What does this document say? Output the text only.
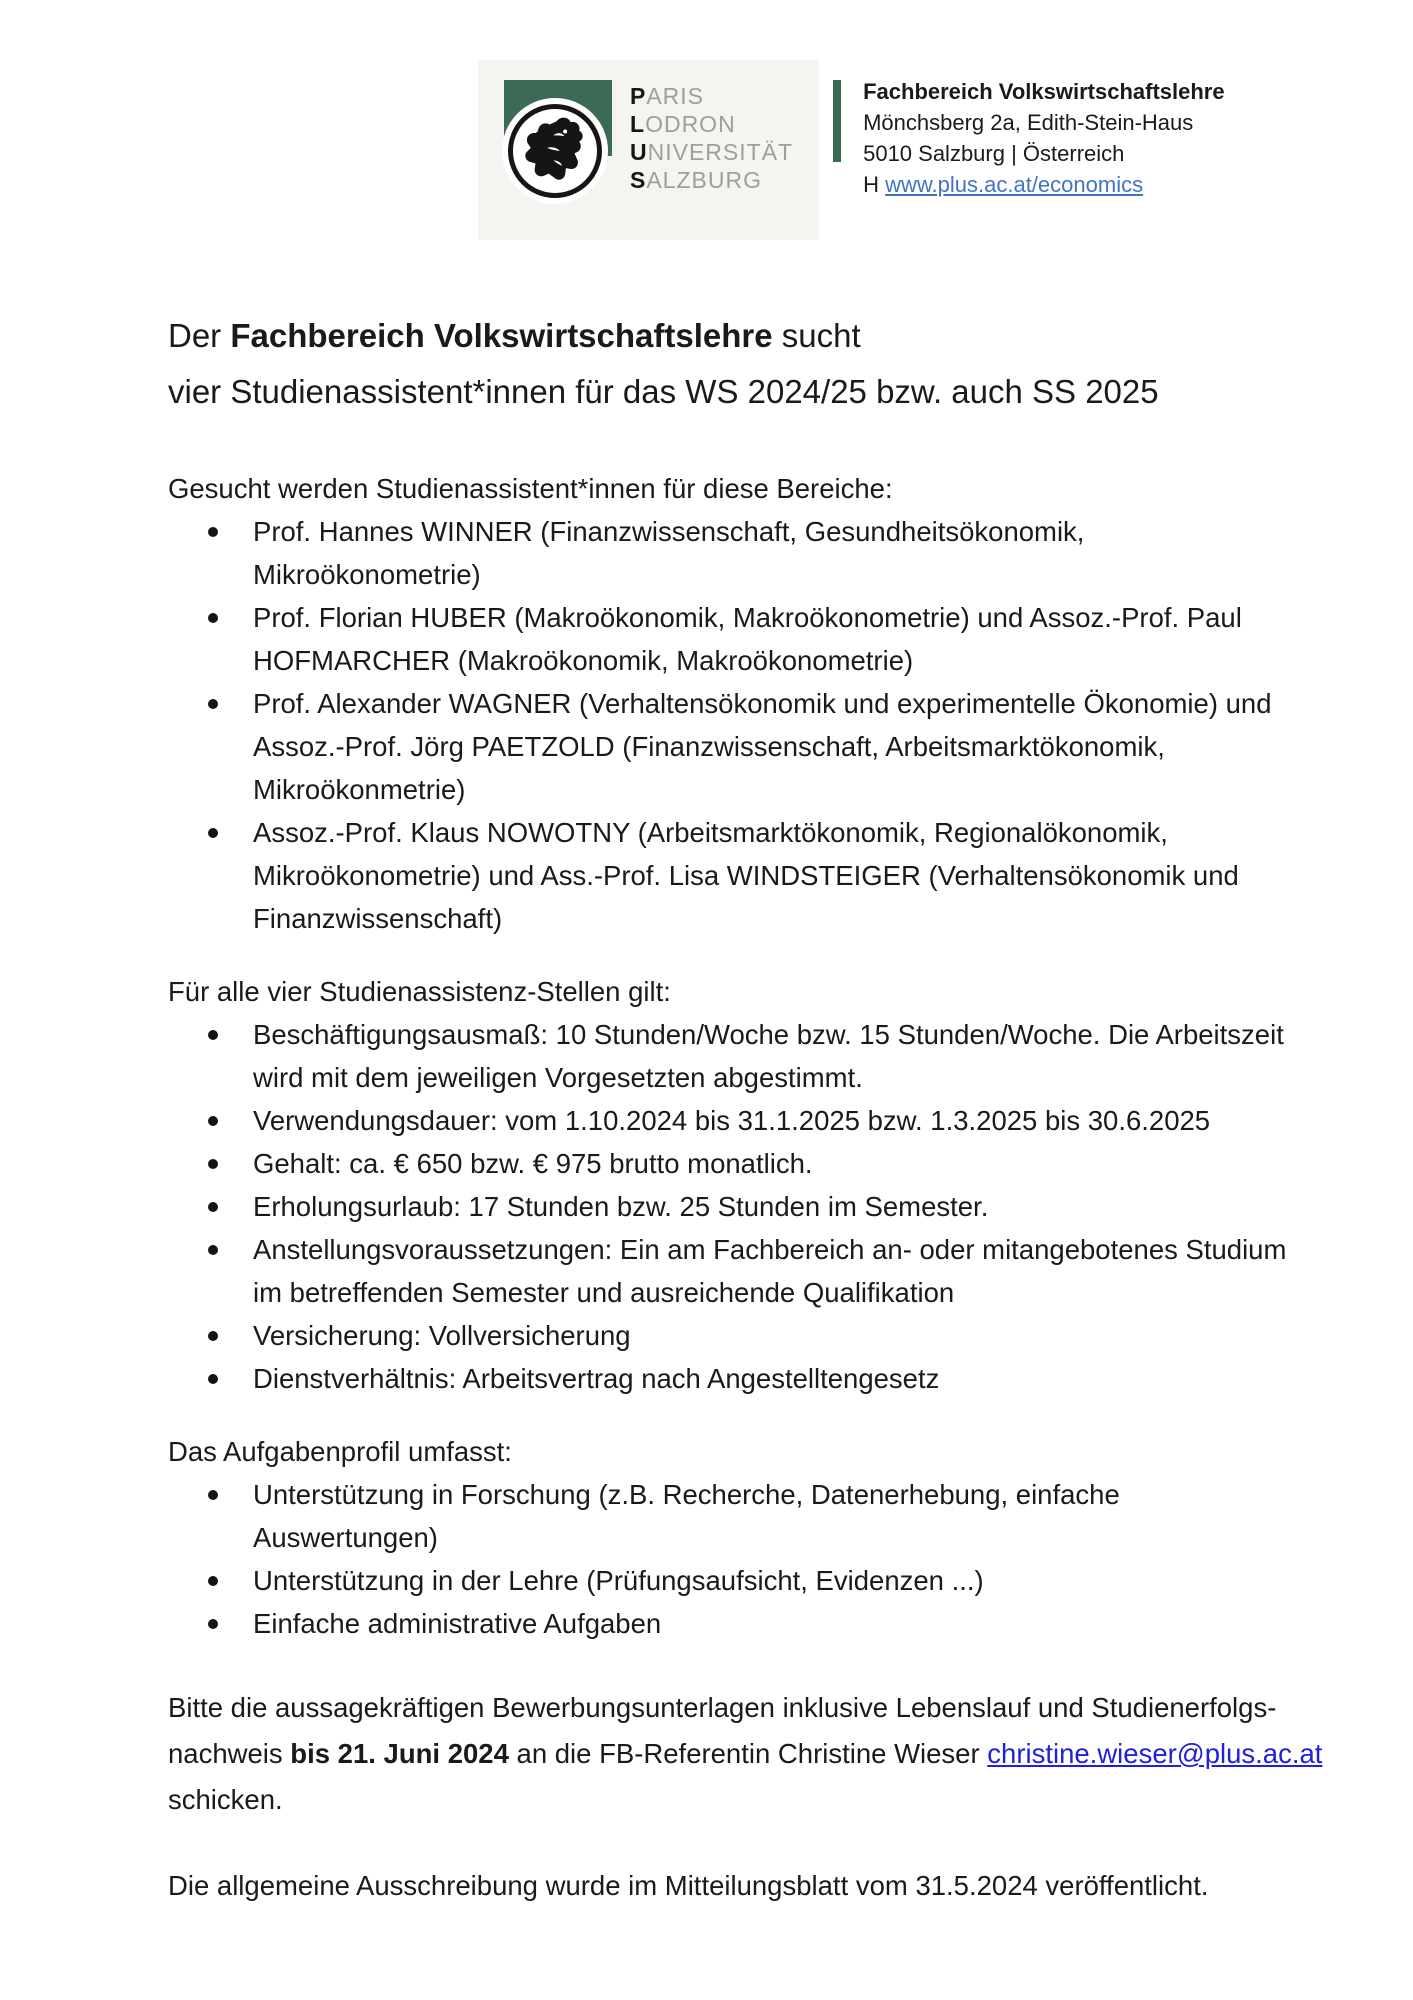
PARIS
LODRON
UNIVERSITÄT
SALZBURG
Fachbereich Volkswirtschaftslehre
Mönchsberg 2a, Edith-Stein-Haus
5010 Salzburg | Österreich
H www.plus.ac.at/economics
Der Fachbereich Volkswirtschaftslehre sucht
vier Studienassistent*innen für das WS 2024/25 bzw. auch SS 2025

Gesucht werden Studienassistent*innen für diese Bereiche:

Prof. Hannes WINNER (Finanzwissenschaft, Gesundheitsökonomik,
Mikroökonometrie)
Prof. Florian HUBER (Makroökonomik, Makroökonometrie) und Assoz.-Prof. Paul
HOFMARCHER (Makroökonomik, Makroökonometrie)
Prof. Alexander WAGNER (Verhaltensökonomik und experimentelle Ökonomie) und
Assoz.-Prof. Jörg PAETZOLD (Finanzwissenschaft, Arbeitsmarktökonomik,
Mikroökonmetrie)
Assoz.-Prof. Klaus NOWOTNY (Arbeitsmarktökonomik, Regionalökonomik,
Mikroökonometrie) und Ass.-Prof. Lisa WINDSTEIGER (Verhaltensökonomik und
Finanzwissenschaft)

Für alle vier Studienassistenz-Stellen gilt:

Beschäftigungsausmaß: 10 Stunden/Woche bzw. 15 Stunden/Woche. Die Arbeitszeit
wird mit dem jeweiligen Vorgesetzten abgestimmt.
Verwendungsdauer: vom 1.10.2024 bis 31.1.2025 bzw. 1.3.2025 bis 30.6.2025
Gehalt: ca. € 650 bzw. € 975 brutto monatlich.
Erholungsurlaub: 17 Stunden bzw. 25 Stunden im Semester.
Anstellungsvoraussetzungen: Ein am Fachbereich an- oder mitangebotenes Studium
im betreffenden Semester und ausreichende Qualifikation
Versicherung: Vollversicherung
Dienstverhältnis: Arbeitsvertrag nach Angestelltengesetz

Das Aufgabenprofil umfasst:

Unterstützung in Forschung (z.B. Recherche, Datenerhebung, einfache
Auswertungen)
Unterstützung in der Lehre (Prüfungsaufsicht, Evidenzen ...)
Einfache administrative Aufgaben

Bitte die aussagekräftigen Bewerbungsunterlagen inklusive Lebenslauf und Studienerfolgs-

nachweis bis 21. Juni 2024 an die FB-Referentin Christine Wieser christine.wieser@plus.ac.at

schicken.

Die allgemeine Ausschreibung wurde im Mitteilungsblatt vom 31.5.2024 veröffentlicht.
